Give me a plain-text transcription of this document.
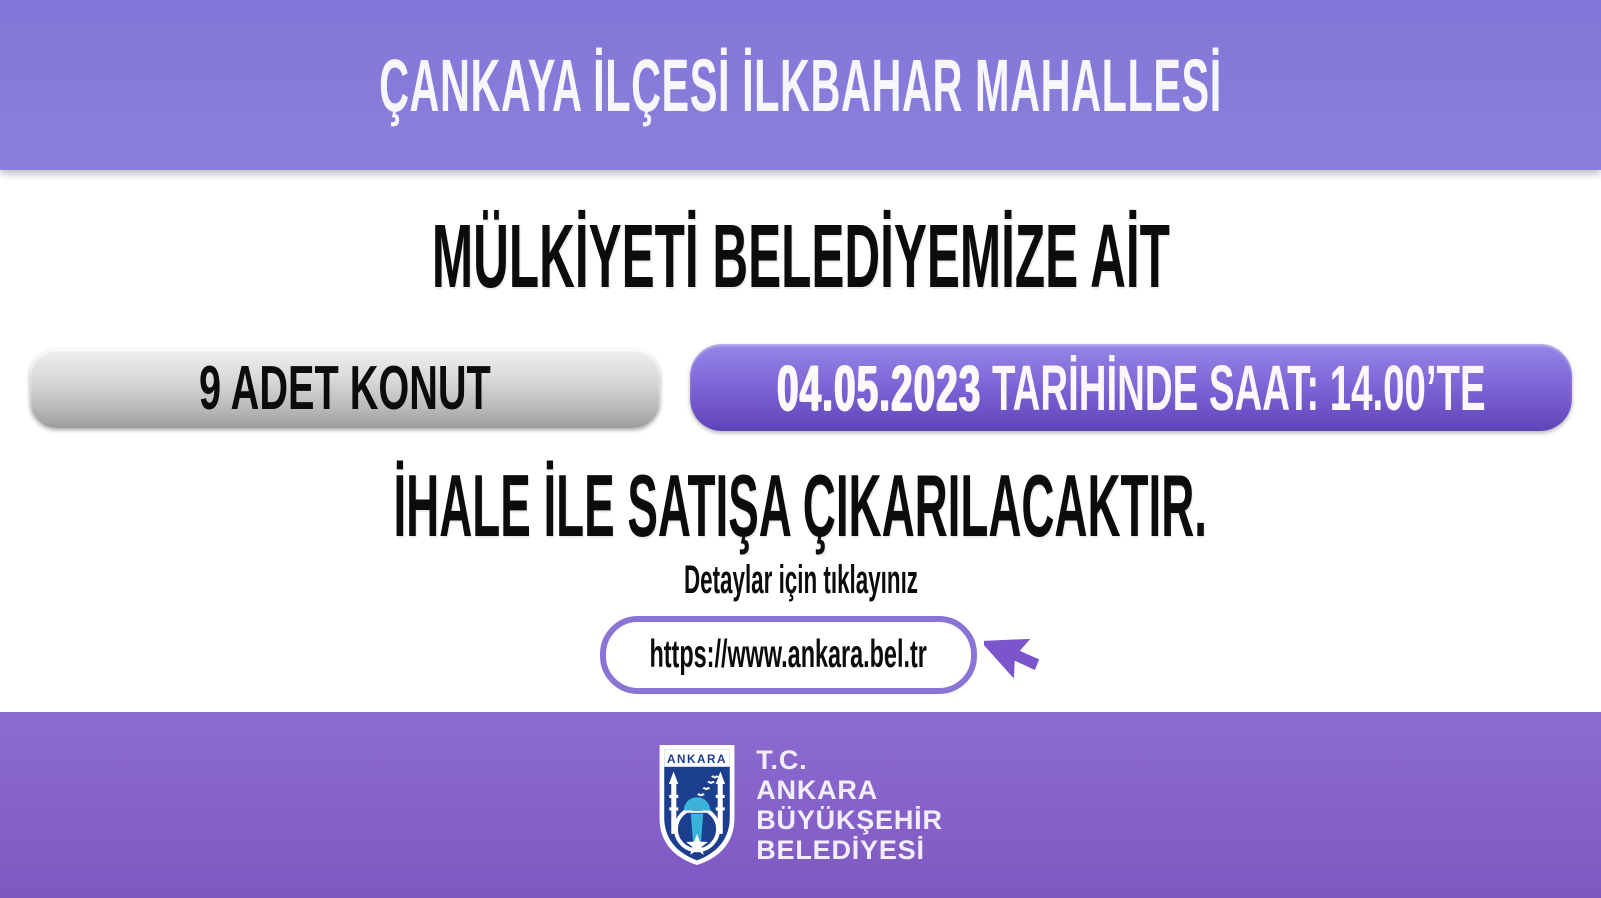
ÇANKAYA İLÇESİ İLKBAHAR MAHALLESİ
MÜLKİYETİ BELEDİYEMİZE AİT
9 ADET KONUT	04.05.2023 TARİHİNDE SAAT: 14.00’TE
İHALE İLE SATIŞA ÇIKARILACAKTIR.
Detaylar için tıklayınız
https://www.ankara.bel.tr
ANKARA T.C.
ANKARA
BÜYÜKŞEHİR
BELEDİYESİ
